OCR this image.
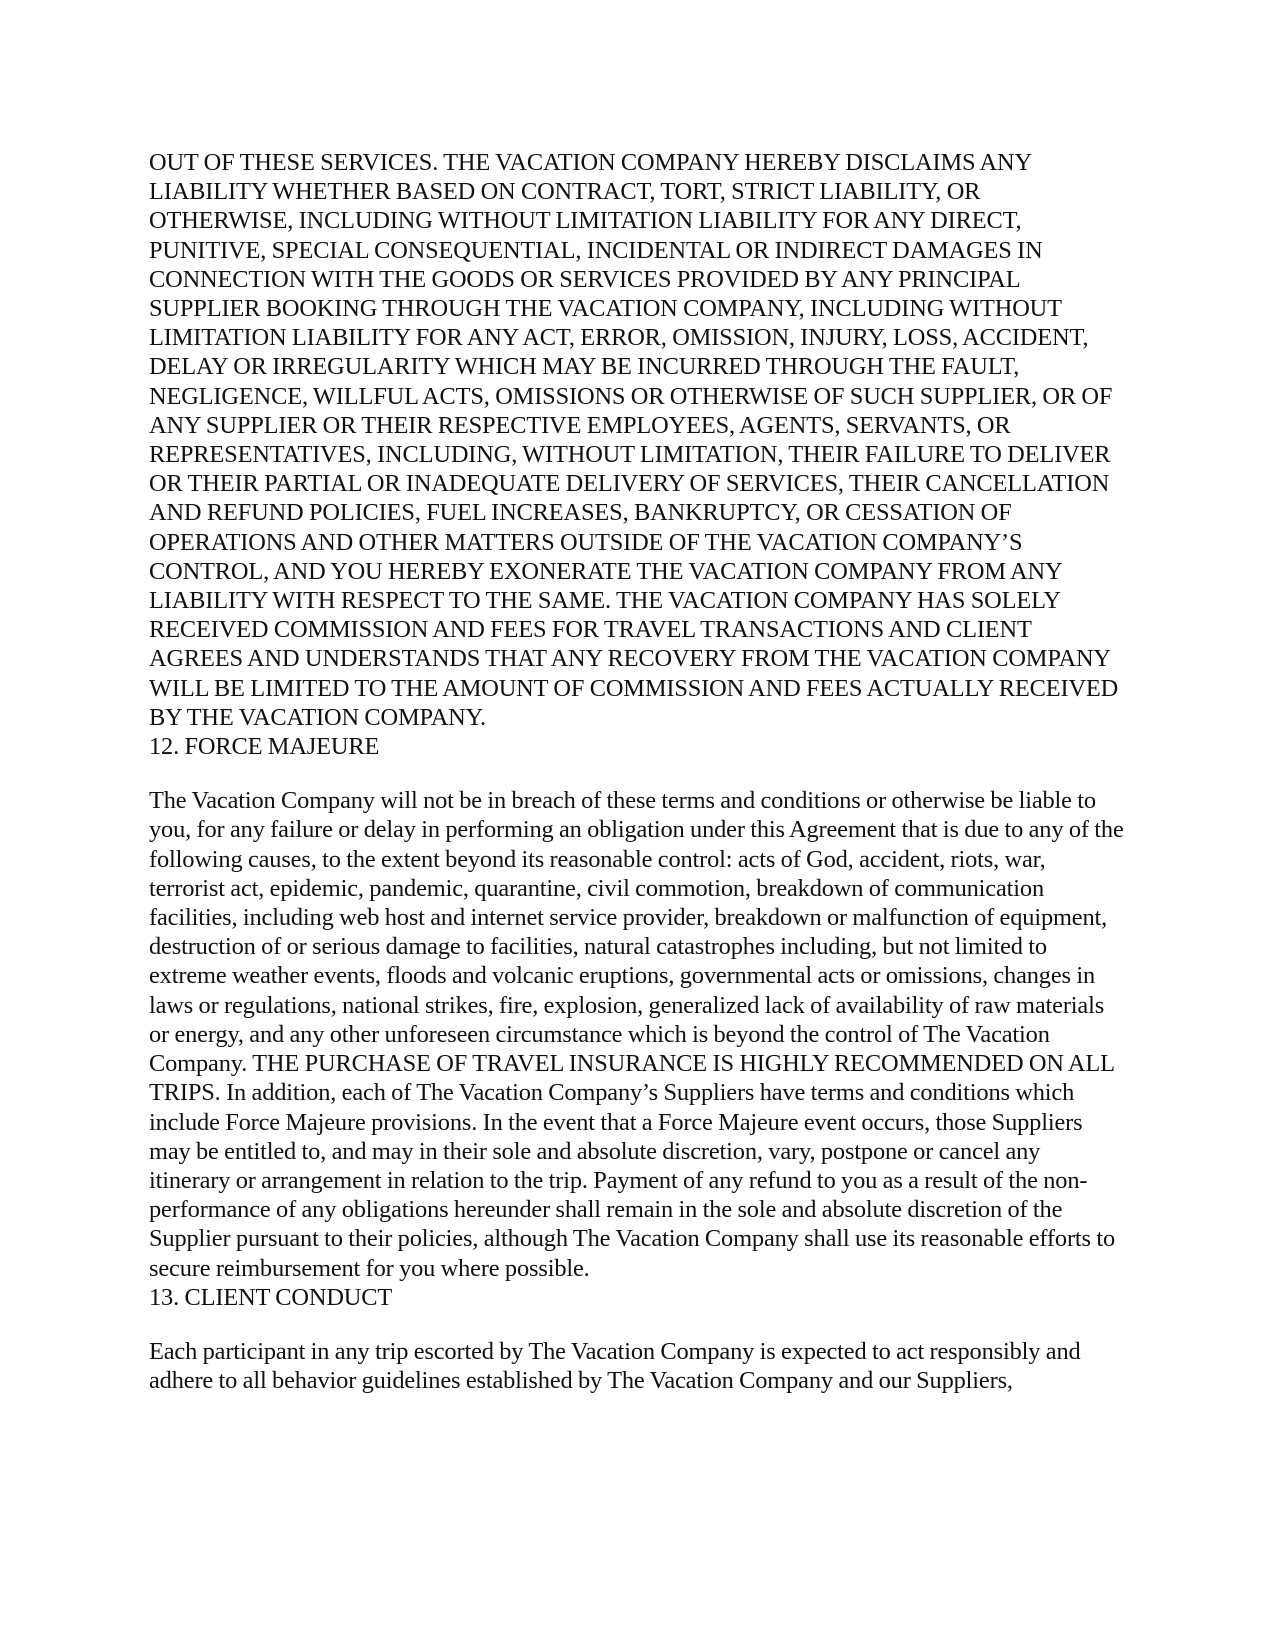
OUT OF THESE SERVICES. THE VACATION COMPANY HEREBY DISCLAIMS ANY LIABILITY WHETHER BASED ON CONTRACT, TORT, STRICT LIABILITY, OR OTHERWISE, INCLUDING WITHOUT LIMITATION LIABILITY FOR ANY DIRECT, PUNITIVE, SPECIAL CONSEQUENTIAL, INCIDENTAL OR INDIRECT DAMAGES IN CONNECTION WITH THE GOODS OR SERVICES PROVIDED BY ANY PRINCIPAL SUPPLIER BOOKING THROUGH THE VACATION COMPANY, INCLUDING WITHOUT LIMITATION LIABILITY FOR ANY ACT, ERROR, OMISSION, INJURY, LOSS, ACCIDENT, DELAY OR IRREGULARITY WHICH MAY BE INCURRED THROUGH THE FAULT, NEGLIGENCE, WILLFUL ACTS, OMISSIONS OR OTHERWISE OF SUCH SUPPLIER, OR OF ANY SUPPLIER OR THEIR RESPECTIVE EMPLOYEES, AGENTS, SERVANTS, OR REPRESENTATIVES, INCLUDING, WITHOUT LIMITATION, THEIR FAILURE TO DELIVER OR THEIR PARTIAL OR INADEQUATE DELIVERY OF SERVICES, THEIR CANCELLATION AND REFUND POLICIES, FUEL INCREASES, BANKRUPTCY, OR CESSATION OF OPERATIONS AND OTHER MATTERS OUTSIDE OF THE VACATION COMPANY’S CONTROL, AND YOU HEREBY EXONERATE THE VACATION COMPANY FROM ANY LIABILITY WITH RESPECT TO THE SAME. THE VACATION COMPANY HAS SOLELY RECEIVED COMMISSION AND FEES FOR TRAVEL TRANSACTIONS AND CLIENT AGREES AND UNDERSTANDS THAT ANY RECOVERY FROM THE VACATION COMPANY WILL BE LIMITED TO THE AMOUNT OF COMMISSION AND FEES ACTUALLY RECEIVED BY THE VACATION COMPANY.

12. FORCE MAJEURE

The Vacation Company will not be in breach of these terms and conditions or otherwise be liable to you, for any failure or delay in performing an obligation under this Agreement that is due to any of the following causes, to the extent beyond its reasonable control: acts of God, accident, riots, war, terrorist act, epidemic, pandemic, quarantine, civil commotion, breakdown of communication facilities, including web host and internet service provider, breakdown or malfunction of equipment, destruction of or serious damage to facilities, natural catastrophes including, but not limited to extreme weather events, floods and volcanic eruptions, governmental acts or omissions, changes in laws or regulations, national strikes, fire, explosion, generalized lack of availability of raw materials or energy, and any other unforeseen circumstance which is beyond the control of The Vacation Company. THE PURCHASE OF TRAVEL INSURANCE IS HIGHLY RECOMMENDED ON ALL TRIPS. In addition, each of The Vacation Company’s Suppliers have terms and conditions which include Force Majeure provisions. In the event that a Force Majeure event occurs, those Suppliers may be entitled to, and may in their sole and absolute discretion, vary, postpone or cancel any itinerary or arrangement in relation to the trip. Payment of any refund to you as a result of the non-performance of any obligations hereunder shall remain in the sole and absolute discretion of the Supplier pursuant to their policies, although The Vacation Company shall use its reasonable efforts to secure reimbursement for you where possible.

13. CLIENT CONDUCT

Each participant in any trip escorted by The Vacation Company is expected to act responsibly and adhere to all behavior guidelines established by The Vacation Company and our Suppliers,
